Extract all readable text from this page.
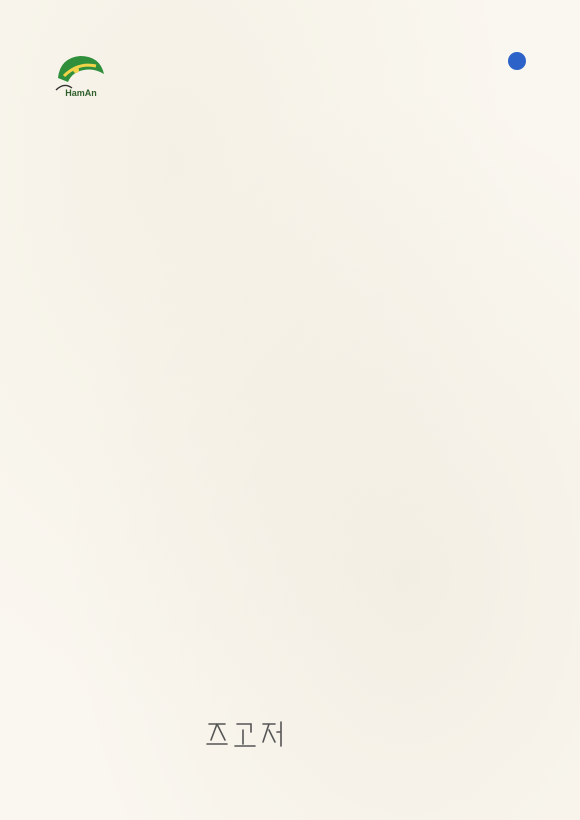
HamAn
